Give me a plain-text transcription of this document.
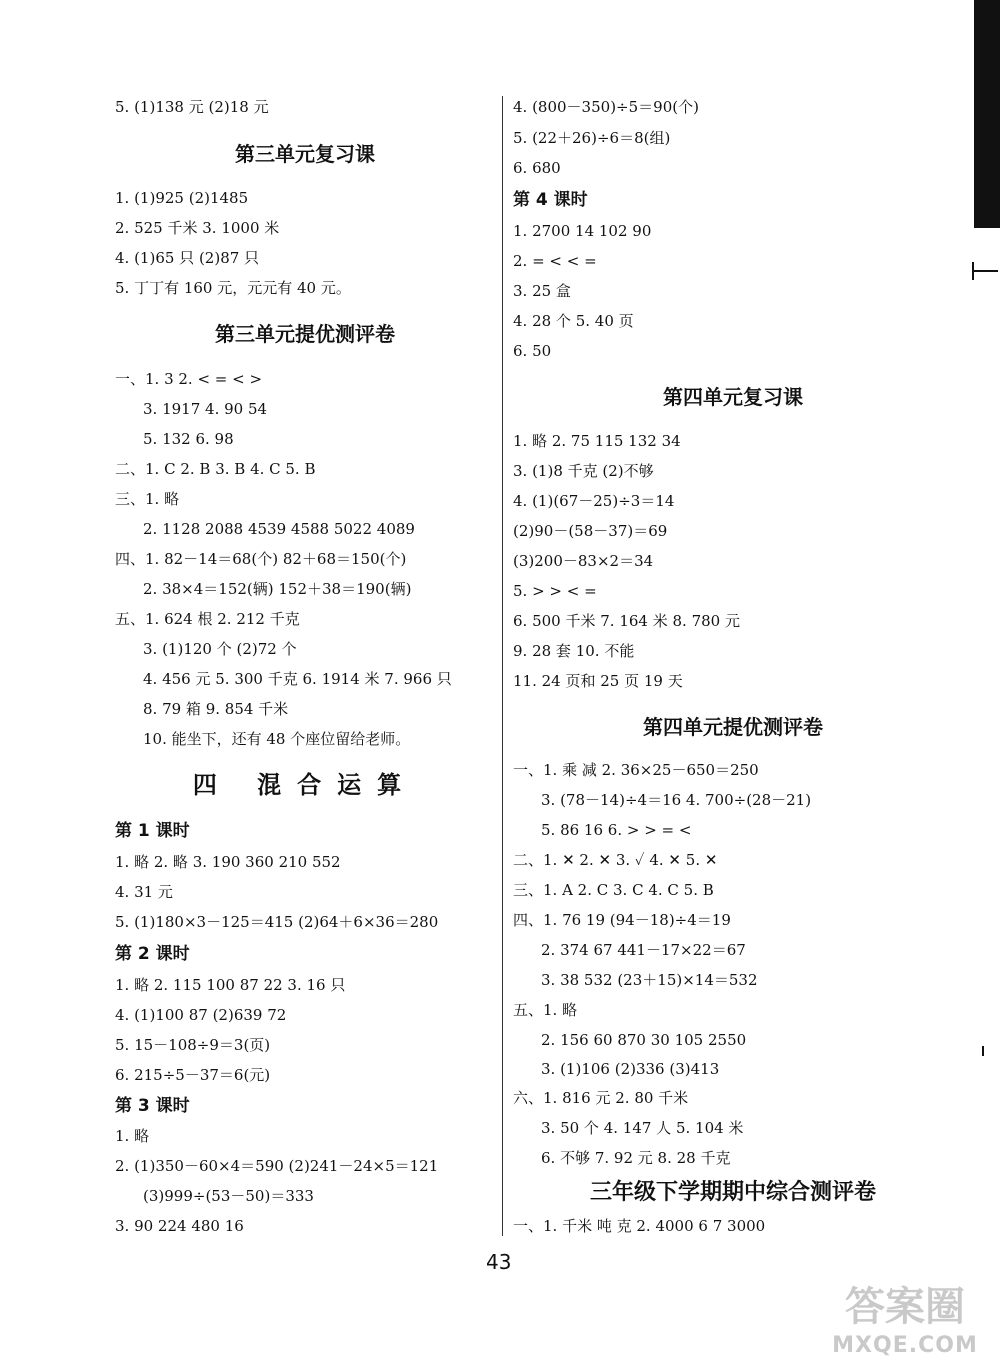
5. (1)138 元 (2)18 元
第三单元复习课
1. (1)925 (2)1485
2. 525 千米 3. 1000 米
4. (1)65 只 (2)87 只
5. 丁丁有 160 元，元元有 40 元。
第三单元提优测评卷
一、1. 3 2. < = < >
3. 1917 4. 90 54
5. 132 6. 98
二、1. C 2. B 3. B 4. C 5. B
三、1. 略
2. 1128 2088 4539 4588 5022 4089
四、1. 82－14＝68(个) 82＋68＝150(个)
2. 38×4＝152(辆) 152＋38＝190(辆)
五、1. 624 根 2. 212 千克
3. (1)120 个 (2)72 个
4. 456 元 5. 300 千克 6. 1914 米 7. 966 只
8. 79 箱 9. 854 千米
10. 能坐下，还有 48 个座位留给老师。
四 混合运算
第 1 课时
1. 略 2. 略 3. 190 360 210 552
4. 31 元
5. (1)180×3－125＝415 (2)64＋6×36＝280
第 2 课时
1. 略 2. 115 100 87 22 3. 16 只
4. (1)100 87 (2)639 72
5. 15－108÷9＝3(页)
6. 215÷5－37＝6(元)
第 3 课时
1. 略
2. (1)350－60×4＝590 (2)241－24×5＝121
(3)999÷(53－50)＝333
3. 90 224 480 16
4. (800－350)÷5＝90(个)
5. (22＋26)÷6＝8(组)
6. 680
第 4 课时
1. 2700 14 102 90
2. = < < =
3. 25 盒
4. 28 个 5. 40 页
6. 50
第四单元复习课
1. 略 2. 75 115 132 34
3. (1)8 千克 (2)不够
4. (1)(67－25)÷3＝14
(2)90－(58－37)＝69
(3)200－83×2＝34
5. > > < =
6. 500 千米 7. 164 米 8. 780 元
9. 28 套 10. 不能
11. 24 页和 25 页 19 天
第四单元提优测评卷
一、1. 乘 减 2. 36×25－650＝250
3. (78－14)÷4＝16 4. 700÷(28－21)
5. 86 16 6. > > = <
二、1. ✕ 2. ✕ 3. ✓ 4. ✕ 5. ✕
三、1. A 2. C 3. C 4. C 5. B
四、1. 76 19 (94－18)÷4＝19
2. 374 67 441－17×22＝67
3. 38 532 (23＋15)×14＝532
五、1. 略
2. 156 60 870 30 105 2550
3. (1)106 (2)336 (3)413
六、1. 816 元 2. 80 千米
3. 50 个 4. 147 人 5. 104 米
6. 不够 7. 92 元 8. 28 千克
三年级下学期期中综合测评卷
一、1. 千米 吨 克 2. 4000 6 7 3000
43
答案圈
MXQE.COM
